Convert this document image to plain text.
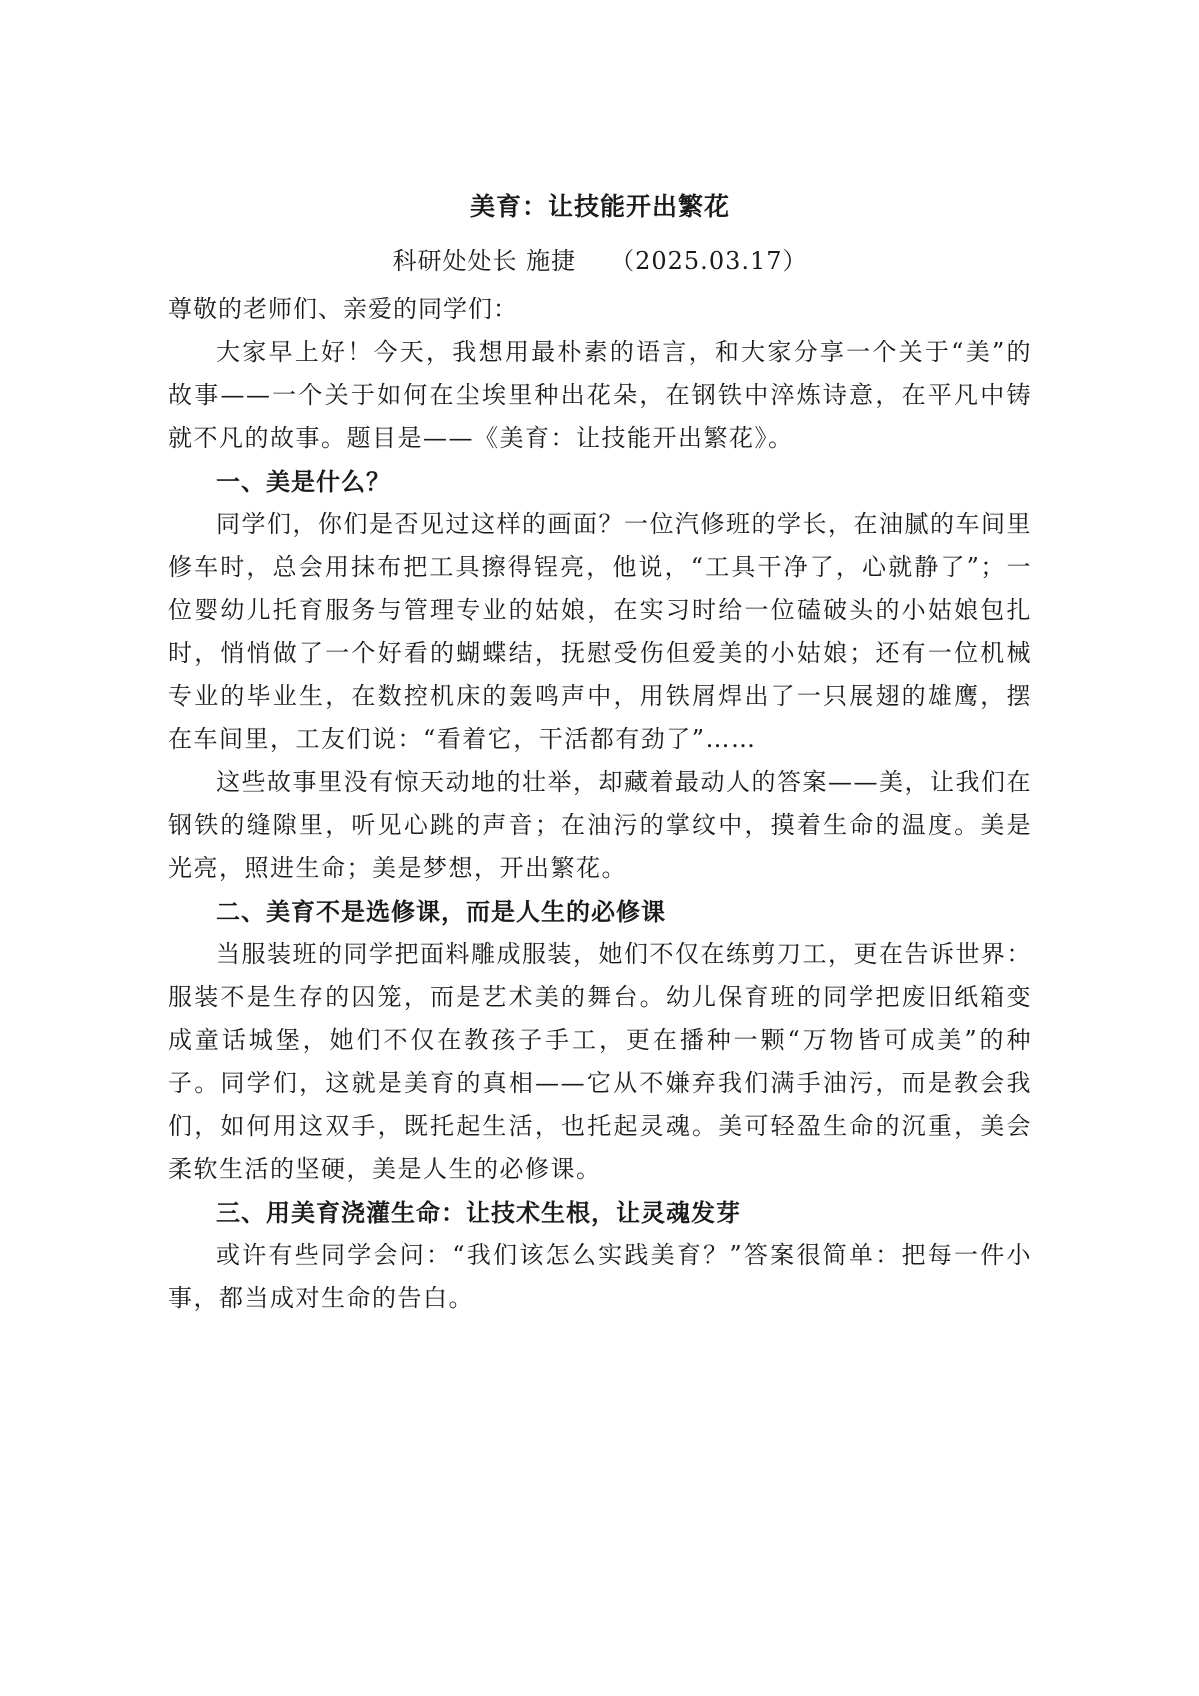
美育：让技能开出繁花
科研处处长 施捷 （2025.03.17）

尊敬的老师们、亲爱的同学们：

大家早上好！今天，我想用最朴素的语言，和大家分享一个关于“美”的故事——一个关于如何在尘埃里种出花朵，在钢铁中淬炼诗意，在平凡中铸就不凡的故事。题目是——《美育：让技能开出繁花》。

一、美是什么？

同学们，你们是否见过这样的画面？一位汽修班的学长，在油腻的车间里修车时，总会用抹布把工具擦得锃亮，他说，“工具干净了，心就静了”；一位婴幼儿托育服务与管理专业的姑娘，在实习时给一位磕破头的小姑娘包扎时，悄悄做了一个好看的蝴蝶结，抚慰受伤但爱美的小姑娘；还有一位机械专业的毕业生，在数控机床的轰鸣声中，用铁屑焊出了一只展翅的雄鹰，摆在车间里，工友们说：“看着它，干活都有劲了”……

这些故事里没有惊天动地的壮举，却藏着最动人的答案——美，让我们在钢铁的缝隙里，听见心跳的声音；在油污的掌纹中，摸着生命的温度。美是光亮，照进生命；美是梦想，开出繁花。

二、美育不是选修课，而是人生的必修课

当服装班的同学把面料雕成服装，她们不仅在练剪刀工，更在告诉世界：服装不是生存的囚笼，而是艺术美的舞台。幼儿保育班的同学把废旧纸箱变成童话城堡，她们不仅在教孩子手工，更在播种一颗“万物皆可成美”的种子。同学们，这就是美育的真相——它从不嫌弃我们满手油污，而是教会我们，如何用这双手，既托起生活，也托起灵魂。美可轻盈生命的沉重，美会柔软生活的坚硬，美是人生的必修课。

三、用美育浇灌生命：让技术生根，让灵魂发芽

或许有些同学会问：“我们该怎么实践美育？”答案很简单：把每一件小事，都当成对生命的告白。
